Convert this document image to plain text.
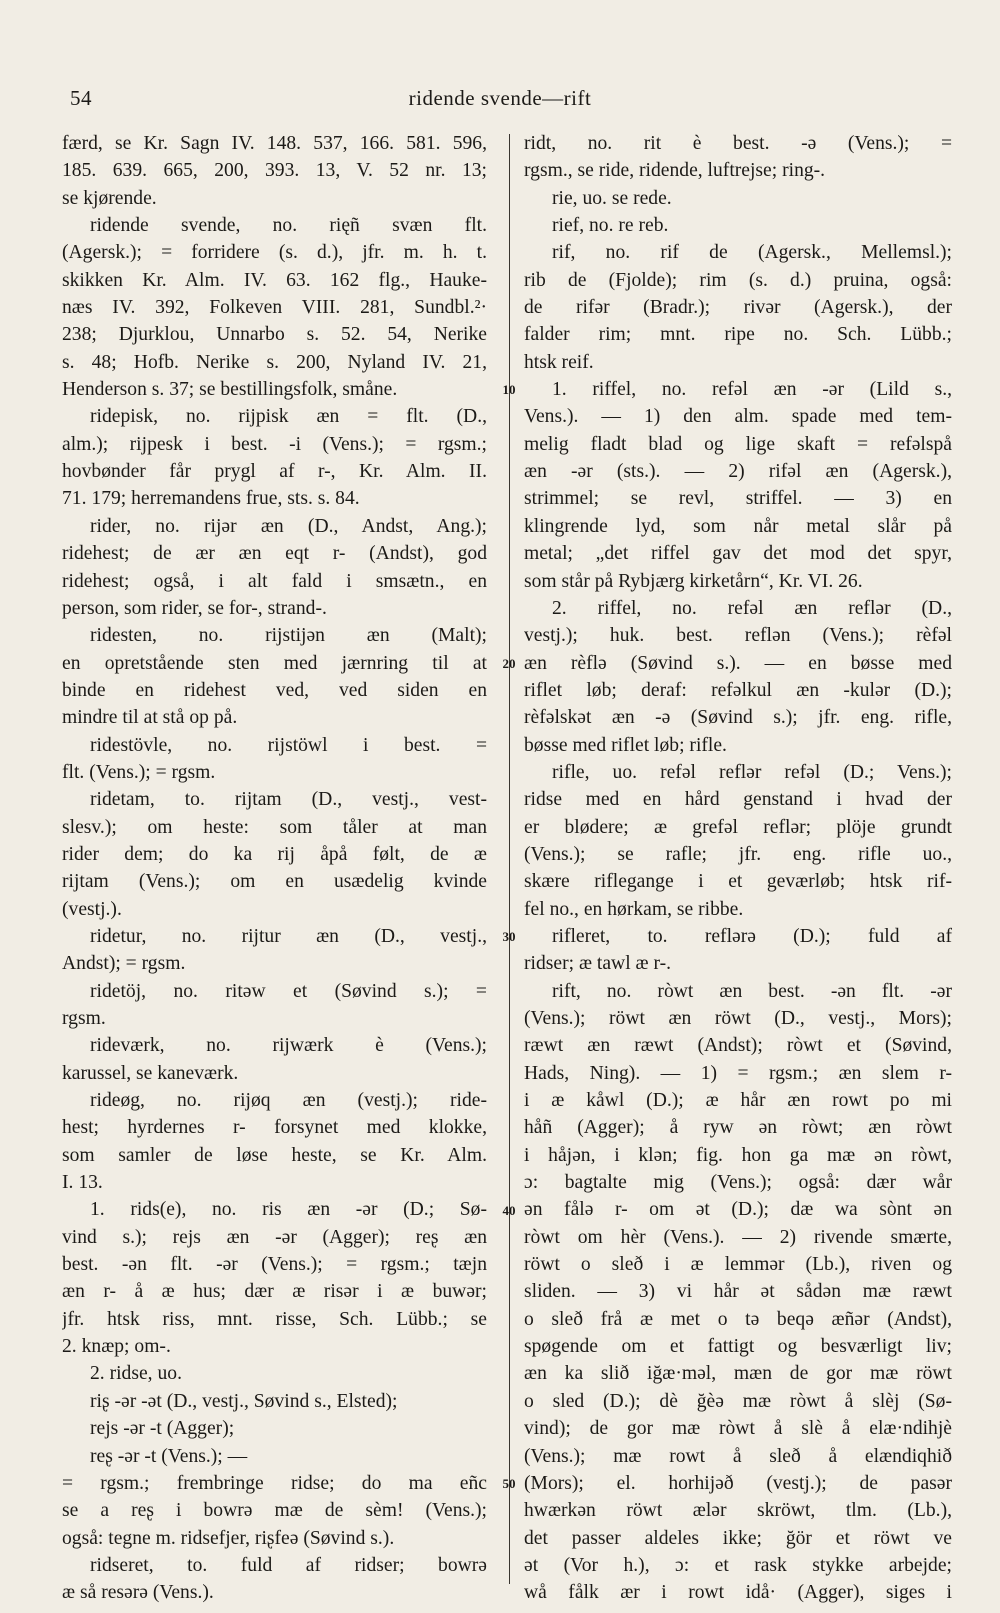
54	ridende svende—rift
færd, se Kr. Sagn IV. 148. 537, 166. 581. 596,
185. 639. 665, 200, 393. 13, V. 52 nr. 13;
se kjørende.
ridende svende, no. rięñ svæn flt.
(Agersk.); = forridere (s. d.), jfr. m. h. t.
skikken Kr. Alm. IV. 63. 162 flg., Hauke-
næs IV. 392, Folkeven VIII. 281, Sundbl.²·
238; Djurklou, Unnarbo s. 52. 54, Nerike
s. 48; Hofb. Nerike s. 200, Nyland IV. 21,
Henderson s. 37; se bestillingsfolk, småne.
ridepisk, no. rijpisk æn = flt. (D.,
alm.); rijpesk i best. -i (Vens.); = rgsm.;
hovbønder får prygl af r-, Kr. Alm. II.
71. 179; herremandens frue, sts. s. 84.
rider, no. rijər æn (D., Andst, Ang.);
ridehest; de ær æn eqt r- (Andst), god
ridehest; også, i alt fald i smsætn., en
person, som rider, se for-, strand-.
ridesten, no. rijstijən æn (Malt);
en opretstående sten med jærnring til at
binde en ridehest ved, ved siden en
mindre til at stå op på.
ridestövle, no. rijstöwl i best. =
flt. (Vens.); = rgsm.
ridetam, to. rijtam (D., vestj., vest-
slesv.); om heste: som tåler at man
rider dem; do ka rij åpå følt, de æ
rijtam (Vens.); om en usædelig kvinde
(vestj.).
ridetur, no. rijtur æn (D., vestj.,
Andst); = rgsm.
ridetöj, no. ritəw et (Søvind s.); =
rgsm.
rideværk, no. rijwærk è (Vens.);
karussel, se kaneværk.
rideøg, no. rijøq æn (vestj.); ride-
hest; hyrdernes r- forsynet med klokke,
som samler de løse heste, se Kr. Alm.
I. 13.
1. rids(e), no. ris æn -ər (D.; Sø-
vind s.); rejs æn -ər (Agger); reʂ æn
best. -ən flt. -ər (Vens.); = rgsm.; tæjn
æn r- å æ hus; dær æ risər i æ buwər;
jfr. htsk riss, mnt. risse, Sch. Lübb.; se
2. knæp; om-.
2. ridse, uo.
riʂ -ər -ət (D., vestj., Søvind s., Elsted);
rejs -ər -t (Agger);
reʂ -ər -t (Vens.); —
= rgsm.; frembringe ridse; do ma eñc
se a reʂ i bowrə mæ de sèm! (Vens.);
også: tegne m. ridsefjer, riʂfeə (Søvind s.).
ridseret, to. fuld af ridser; bowrə
æ så resərə (Vens.).
10
20
30
40
50
ridt, no. rit è best. -ə (Vens.); =
rgsm., se ride, ridende, luftrejse; ring-.
rie, uo. se rede.
rief, no. re reb.
rif, no. rif de (Agersk., Mellemsl.);
rib de (Fjolde); rim (s. d.) pruina, også:
de rifər (Bradr.); rivər (Agersk.), der
falder rim; mnt. ripe no. Sch. Lübb.;
htsk reif.
1. riffel, no. refəl æn -ər (Lild s.,
Vens.). — 1) den alm. spade med tem-
melig fladt blad og lige skaft = refəlspå
æn -ər (sts.). — 2) rifəl æn (Agersk.),
strimmel; se revl, striffel. — 3) en
klingrende lyd, som når metal slår på
metal; „det riffel gav det mod det spyr,
som står på Rybjærg kirketårn“, Kr. VI. 26.
2. riffel, no. refəl æn reflər (D.,
vestj.); huk. best. reflən (Vens.); rèfəl
æn rèflə (Søvind s.). — en bøsse med
riflet løb; deraf: refəlkul æn -kulər (D.);
rèfəlskǝt æn -ə (Søvind s.); jfr. eng. rifle,
bøsse med riflet løb; rifle.
rifle, uo. refəl reflər refəl (D.; Vens.);
ridse med en hård genstand i hvad der
er blødere; æ grefəl reflər; plöje grundt
(Vens.); se rafle; jfr. eng. rifle uo.,
skære riflegange i et geværløb; htsk rif-
fel no., en hørkam, se ribbe.
rifleret, to. reflərə (D.); fuld af
ridser; æ tawl æ r-.
rift, no. ròwt æn best. -ən flt. -ər
(Vens.); röwt æn röwt (D., vestj., Mors);
ræwt æn ræwt (Andst); ròwt et (Søvind,
Hads, Ning). — 1) = rgsm.; æn slem r-
i æ kåwl (D.); æ hår æn rowt po mi
håñ (Agger); å ryw ən ròwt; æn ròwt
i håjən, i klən; fig. hon ga mæ ən ròwt,
ɔ: bagtalte mig (Vens.); også: dær wår
ən fålə r- om ət (D.); dæ wa sònt ən
ròwt om hèr (Vens.). — 2) rivende smærte,
röwt o sleð i æ lemmər (Lb.), riven og
sliden. — 3) vi hår ət sådən mæ ræwt
o sleð frå æ met o tə beqə æñər (Andst),
spøgende om et fattigt og besværligt liv;
æn ka slið iğæ·məl, mæn de gor mæ röwt
o sled (D.); dè ğèə mæ ròwt å slèj (Sø-
vind); de gor mæ ròwt å slè å elæ·ndihjè
(Vens.); mæ rowt å sleð å elændiqhið
(Mors); el. horhijəð (vestj.); de pasər
hwærkən röwt ælər skröwt, tlm. (Lb.),
det passer aldeles ikke; ğör et röwt ve
ət (Vor h.), ɔ: et rask stykke arbejde;
wå fålk ær i rowt idå· (Agger), siges i
